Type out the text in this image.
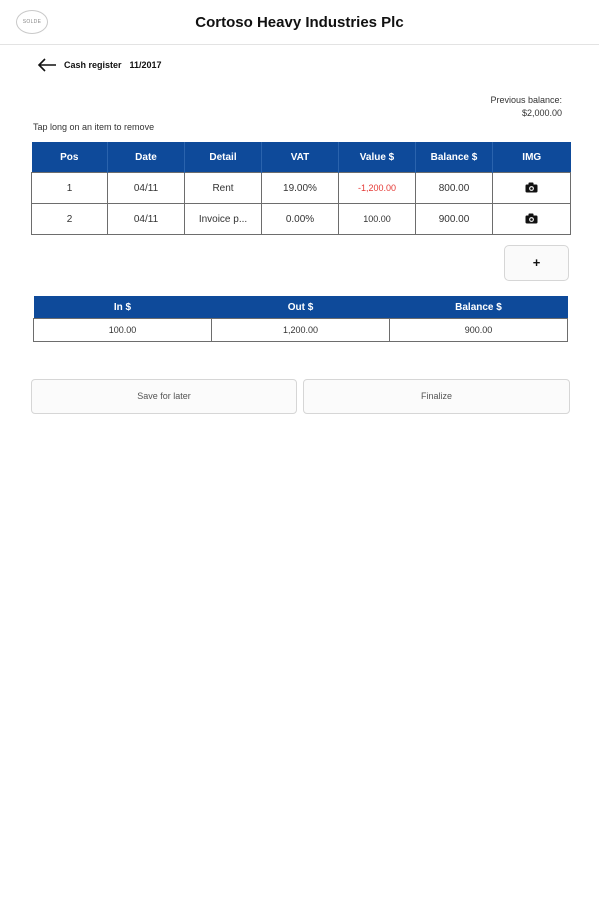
SOLDE	Cortoso Heavy Industries Plc
Cash register 11/2017
Previous balance:
$2,000.00
Tap long on an item to remove
Pos	Date	Detail	VAT	Value $	Balance $	IMG
1	04/11	Rent	19.00%	-1,200.00	800.00	
2	04/11	Invoice p...	0.00%	100.00	900.00	
+
In $	Out $	Balance $
100.00	1,200.00	900.00
Save for later	Finalize
